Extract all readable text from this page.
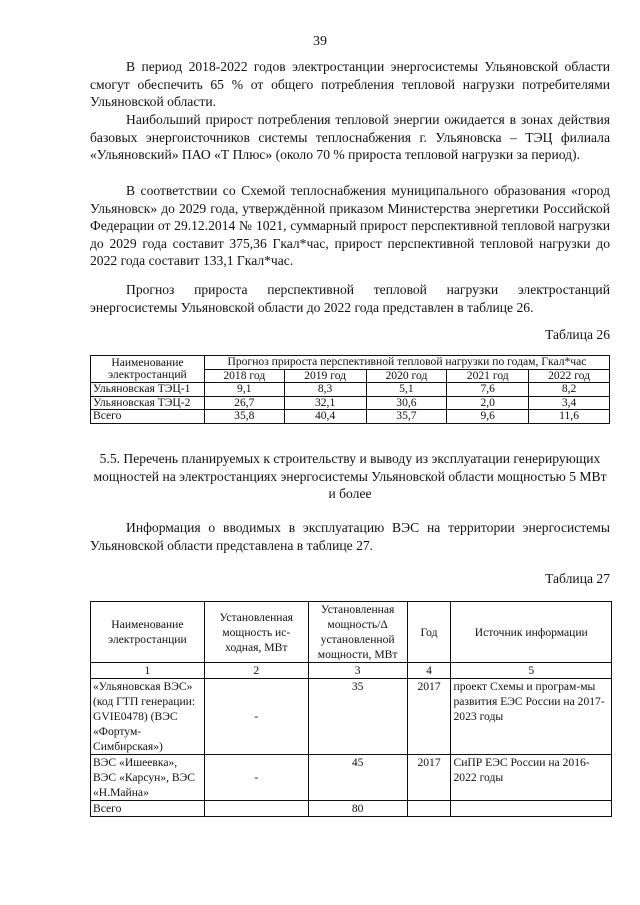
39

В период 2018-2022 годов электростанции энергосистемы Ульяновской области смогут обеспечить 65 % от общего потребления тепловой нагрузки потребителями Ульяновской области.

Наибольший прирост потребления тепловой энергии ожидается в зонах действия базовых энергоисточников системы теплоснабжения г. Ульяновска – ТЭЦ филиала «Ульяновский» ПАО «Т Плюс» (около 70 % прироста тепловой нагрузки за период).

В соответствии со Схемой теплоснабжения муниципального образования «город Ульяновск» до 2029 года, утверждённой приказом Министерства энергетики Российской Федерации от 29.12.2014 № 1021, суммарный прирост перспективной тепловой нагрузки до 2029 года составит 375,36 Гкал*час, прирост перспективной тепловой нагрузки до 2022 года составит 133,1 Гкал*час.

Прогноз прироста перспективной тепловой нагрузки электростанций энергосистемы Ульяновской области до 2022 года представлен в таблице 26.

Таблица 26
Наименование электростанций	Прогноз прироста перспективной тепловой нагрузки по годам, Гкал*час				
	2018 год	2019 год	2020 год	2021 год	2022 год
Ульяновская ТЭЦ-1	9,1	8,3	5,1	7,6	8,2
Ульяновская ТЭЦ-2	26,7	32,1	30,6	2,0	3,4
Всего	35,8	40,4	35,7	9,6	11,6

5.5. Перечень планируемых к строительству и выводу из эксплуатации генерирующих мощностей на электростанциях энергосистемы Ульяновской области мощностью 5 МВт и более

Информация о вводимых в эксплуатацию ВЭС на территории энергосистемы Ульяновской области представлена в таблице 27.

Таблица 27
Наименование электростанции	Установленная мощность ис-ходная, МВт	Установленная мощность/Δ установленной мощности, МВт	Год	Источник информации
1	2	3	4	5
«Ульяновская ВЭС» (код ГТП генерации: GVIE0478) (ВЭС «Фортум-Симбирская»)	-	35	2017	проект Схемы и програм-мы развития ЕЭС России на 2017-2023 годы
ВЭС «Ишеевка», ВЭС «Карсун», ВЭС «Н.Майна»	-	45	2017	СиПР ЕЭС России на 2016-2022 годы
Всего		80		
